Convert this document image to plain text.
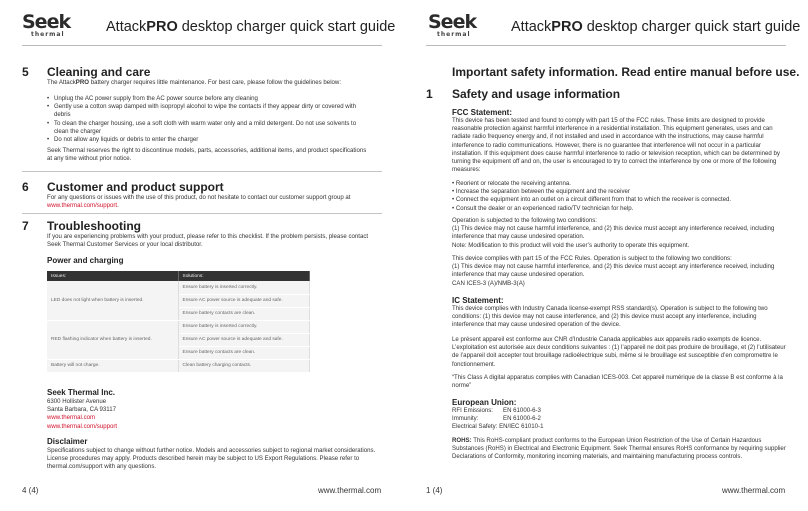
Seek
thermal	AttackPRO desktop charger quick start guide
5 Cleaning and care
The AttackPRO battery charger requires little maintenance. For best care, please follow the guidelines below:
• Unplug the AC power supply from the AC power source before any cleaning
• Gently use a cotton swap damped with isopropyl alcohol to wipe the contacts if they appear dirty or covered with debris
• To clean the charger housing, use a soft cloth with warm water only and a mild detergent. Do not use solvents to clean the charger
• Do not allow any liquids or debris to enter the charger
Seek Thermal reserves the right to discontinue models, parts, accessories, additional items, and product specifications at any time without prior notice.
6 Customer and product support
For any questions or issues with the use of this product, do not hesitate to contact our customer support group at www.thermal.com/support.
7 Troubleshooting
If you are experiencing problems with your product, please refer to this checklist. If the problem persists, please contact Seek Thermal Customer Services or your local distributor.
Power and charging
Issues:	Solutions:
LED does not light when battery is inserted.	Ensure battery is inserted correctly.
	Ensure AC power source is adequate and safe.
	Ensure battery contacts are clean.
RED flashing indicator when battery is inserted.	Ensure battery is inserted correctly.
	Ensure AC power source is adequate and safe.
	Ensure battery contacts are clean.
Battery will not charge.	Clean battery charging contacts.
Seek Thermal Inc.
6300 Hollister Avenue
Santa Barbara, CA 93117
www.thermal.com
www.thermal.com/support
Disclaimer
Specifications subject to change without further notice. Models and accessories subject to regional market considerations. License procedures may apply. Products described herein may be subject to US Export Regulations. Please refer to thermal.com/support with any questions.
4 (4)	www.thermal.com
Seek
thermal	AttackPRO desktop charger quick start guide
Important safety information. Read entire manual before use.
1 Safety and usage information
FCC Statement:
This device has been tested and found to comply with part 15 of the FCC rules. These limits are designed to provide reasonable protection against harmful interference in a residential installation. This equipment generates, uses and can radiate radio frequency energy and, if not installed and used in accordance with the instructions, may cause harmful interference to radio communications. However, there is no guarantee that interference will not occur in a particular installation. If this equipment does cause harmful interference to radio or television reception, which can be determined by turning the equipment off and on, the user is encouraged to try to correct the interference by one or more of the following measures:
• Reorient or relocate the receiving antenna.
• Increase the separation between the equipment and the receiver
• Connect the equipment into an outlet on a circuit different from that to which the receiver is connected.
• Consult the dealer or an experienced radio/TV technician for help.
Operation is subjected to the following two conditions:
(1) This device may not cause harmful interference, and (2) this device must accept any interference received, including interference that may cause undesired operation.
Note: Modification to this product will void the user’s authority to operate this equipment.
This device complies with part 15 of the FCC Rules. Operation is subject to the following two conditions:
(1) This device may not cause harmful interference, and (2) this device must accept any interference received, including interference that may cause undesired operation.
CAN ICES-3 (A)/NMB-3(A)
IC Statement:
This device complies with Industry Canada license-exempt RSS standard(s). Operation is subject to the following two conditions: (1) this device may not cause interference, and (2) this device must accept any interference, including interference that may cause undesired operation of the device.
Le présent appareil est conforme aux CNR d’Industrie Canada applicables aux appareils radio exempts de licence. L’exploitation est autorisée aux deux conditions suivantes : (1) l’appareil ne doit pas produire de brouillage, et (2) l’utilisateur de l’appareil doit accepter tout brouillage radioélectrique subi, même si le brouillage est susceptible d’en compromettre le fonctionnement.
“This Class A digital apparatus complies with Canadian ICES-003. Cet appareil numérique de la classe B est conforme à la norme”
European Union:
RFI Emissions: EN 61000-6-3
Immunity:	EN 61000-6-2
Electrical Safety: EN/IEC 61010-1
ROHS: This RoHS-compliant product conforms to the European Union Restriction of the Use of Certain Hazardous Substances (RoHS) in Electrical and Electronic Equipment. Seek Thermal ensures RoHS conformance by requiring supplier Declarations of Conformity, monitoring incoming materials, and maintaining manufacturing process controls.
1 (4)	www.thermal.com
